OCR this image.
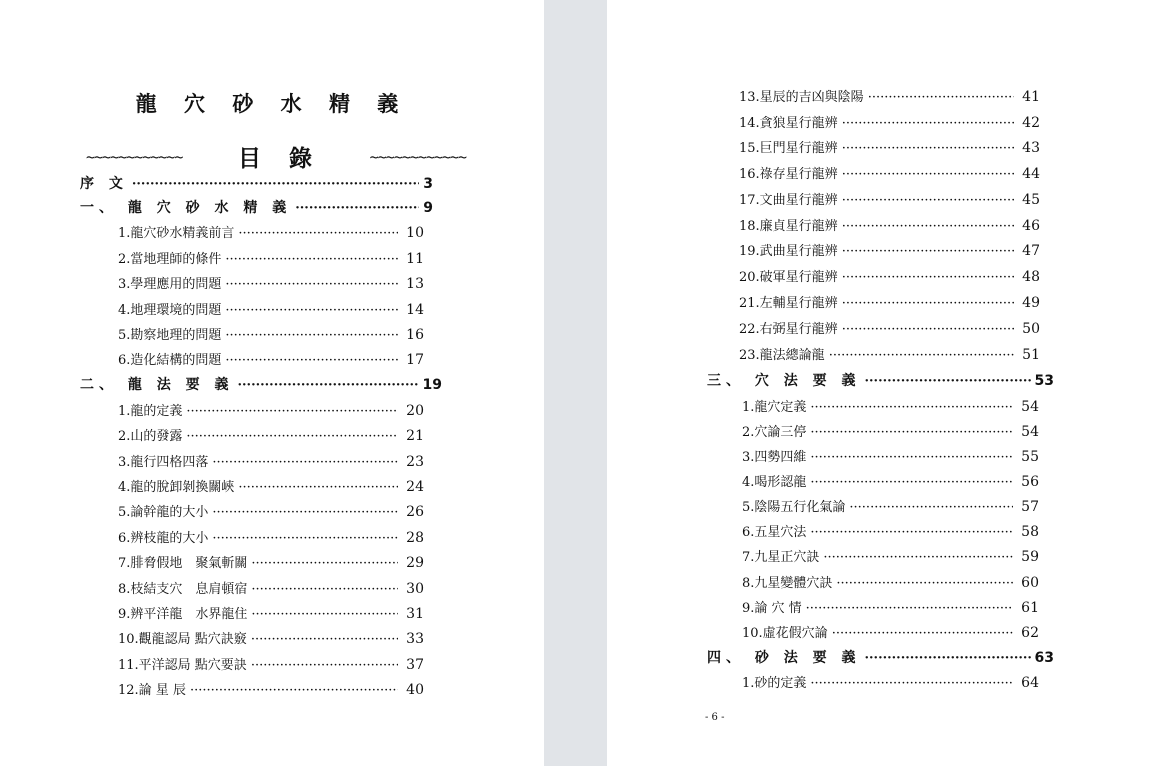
龍 穴 砂 水 精 義
~~~~~~~~~~~~	目 錄	~~~~~~~~~~~~
序 文 ·····	3
一、 龍 穴 砂 水 精 義 ·····	9
1.龍穴砂水精義前言 ·····	10
2.當地理師的條件 ·····	11
3.學理應用的問題 ·····	13
4.地理環境的問題 ·····	14
5.勘察地理的問題 ·····	16
6.造化結構的問題 ·····	17
二、 龍 法 要 義 ·····	19
1.龍的定義 ·····	20
2.山的發露 ·····	21
3.龍行四格四落 ·····	23
4.龍的脫卸剝換關峽 ·····	24
5.論幹龍的大小 ·····	26
6.辨枝龍的大小 ·····	28
7.腓脅假地　聚氣斬關 ·····	29
8.枝結支穴　息肩頓宿 ·····	30
9.辨平洋龍　水界龍住 ·····	31
10.觀龍認局 點穴訣竅 ·····	33
11.平洋認局 點穴要訣 ·····	37
12.論 星 辰 ·····	40
13.星辰的吉凶與陰陽 ·····	41
14.貪狼星行龍辨 ·····	42
15.巨門星行龍辨 ·····	43
16.祿存星行龍辨 ·····	44
17.文曲星行龍辨 ·····	45
18.廉貞星行龍辨 ·····	46
19.武曲星行龍辨 ·····	47
20.破軍星行龍辨 ·····	48
21.左輔星行龍辨 ·····	49
22.右弼星行龍辨 ·····	50
23.龍法總論龍 ·····	51
三、 穴 法 要 義 ·····	53
1.龍穴定義 ·····	54
2.穴論三停 ·····	54
3.四勢四維 ·····	55
4.喝形認龍 ·····	56
5.陰陽五行化氣論 ·····	57
6.五星穴法 ·····	58
7.九星正穴訣 ·····	59
8.九星變體穴訣 ·····	60
9.論 穴 情 ·····	61
10.虛花假穴論 ·····	62
四、 砂 法 要 義 ·····	63
1.砂的定義 ·····	64
- 6 -
